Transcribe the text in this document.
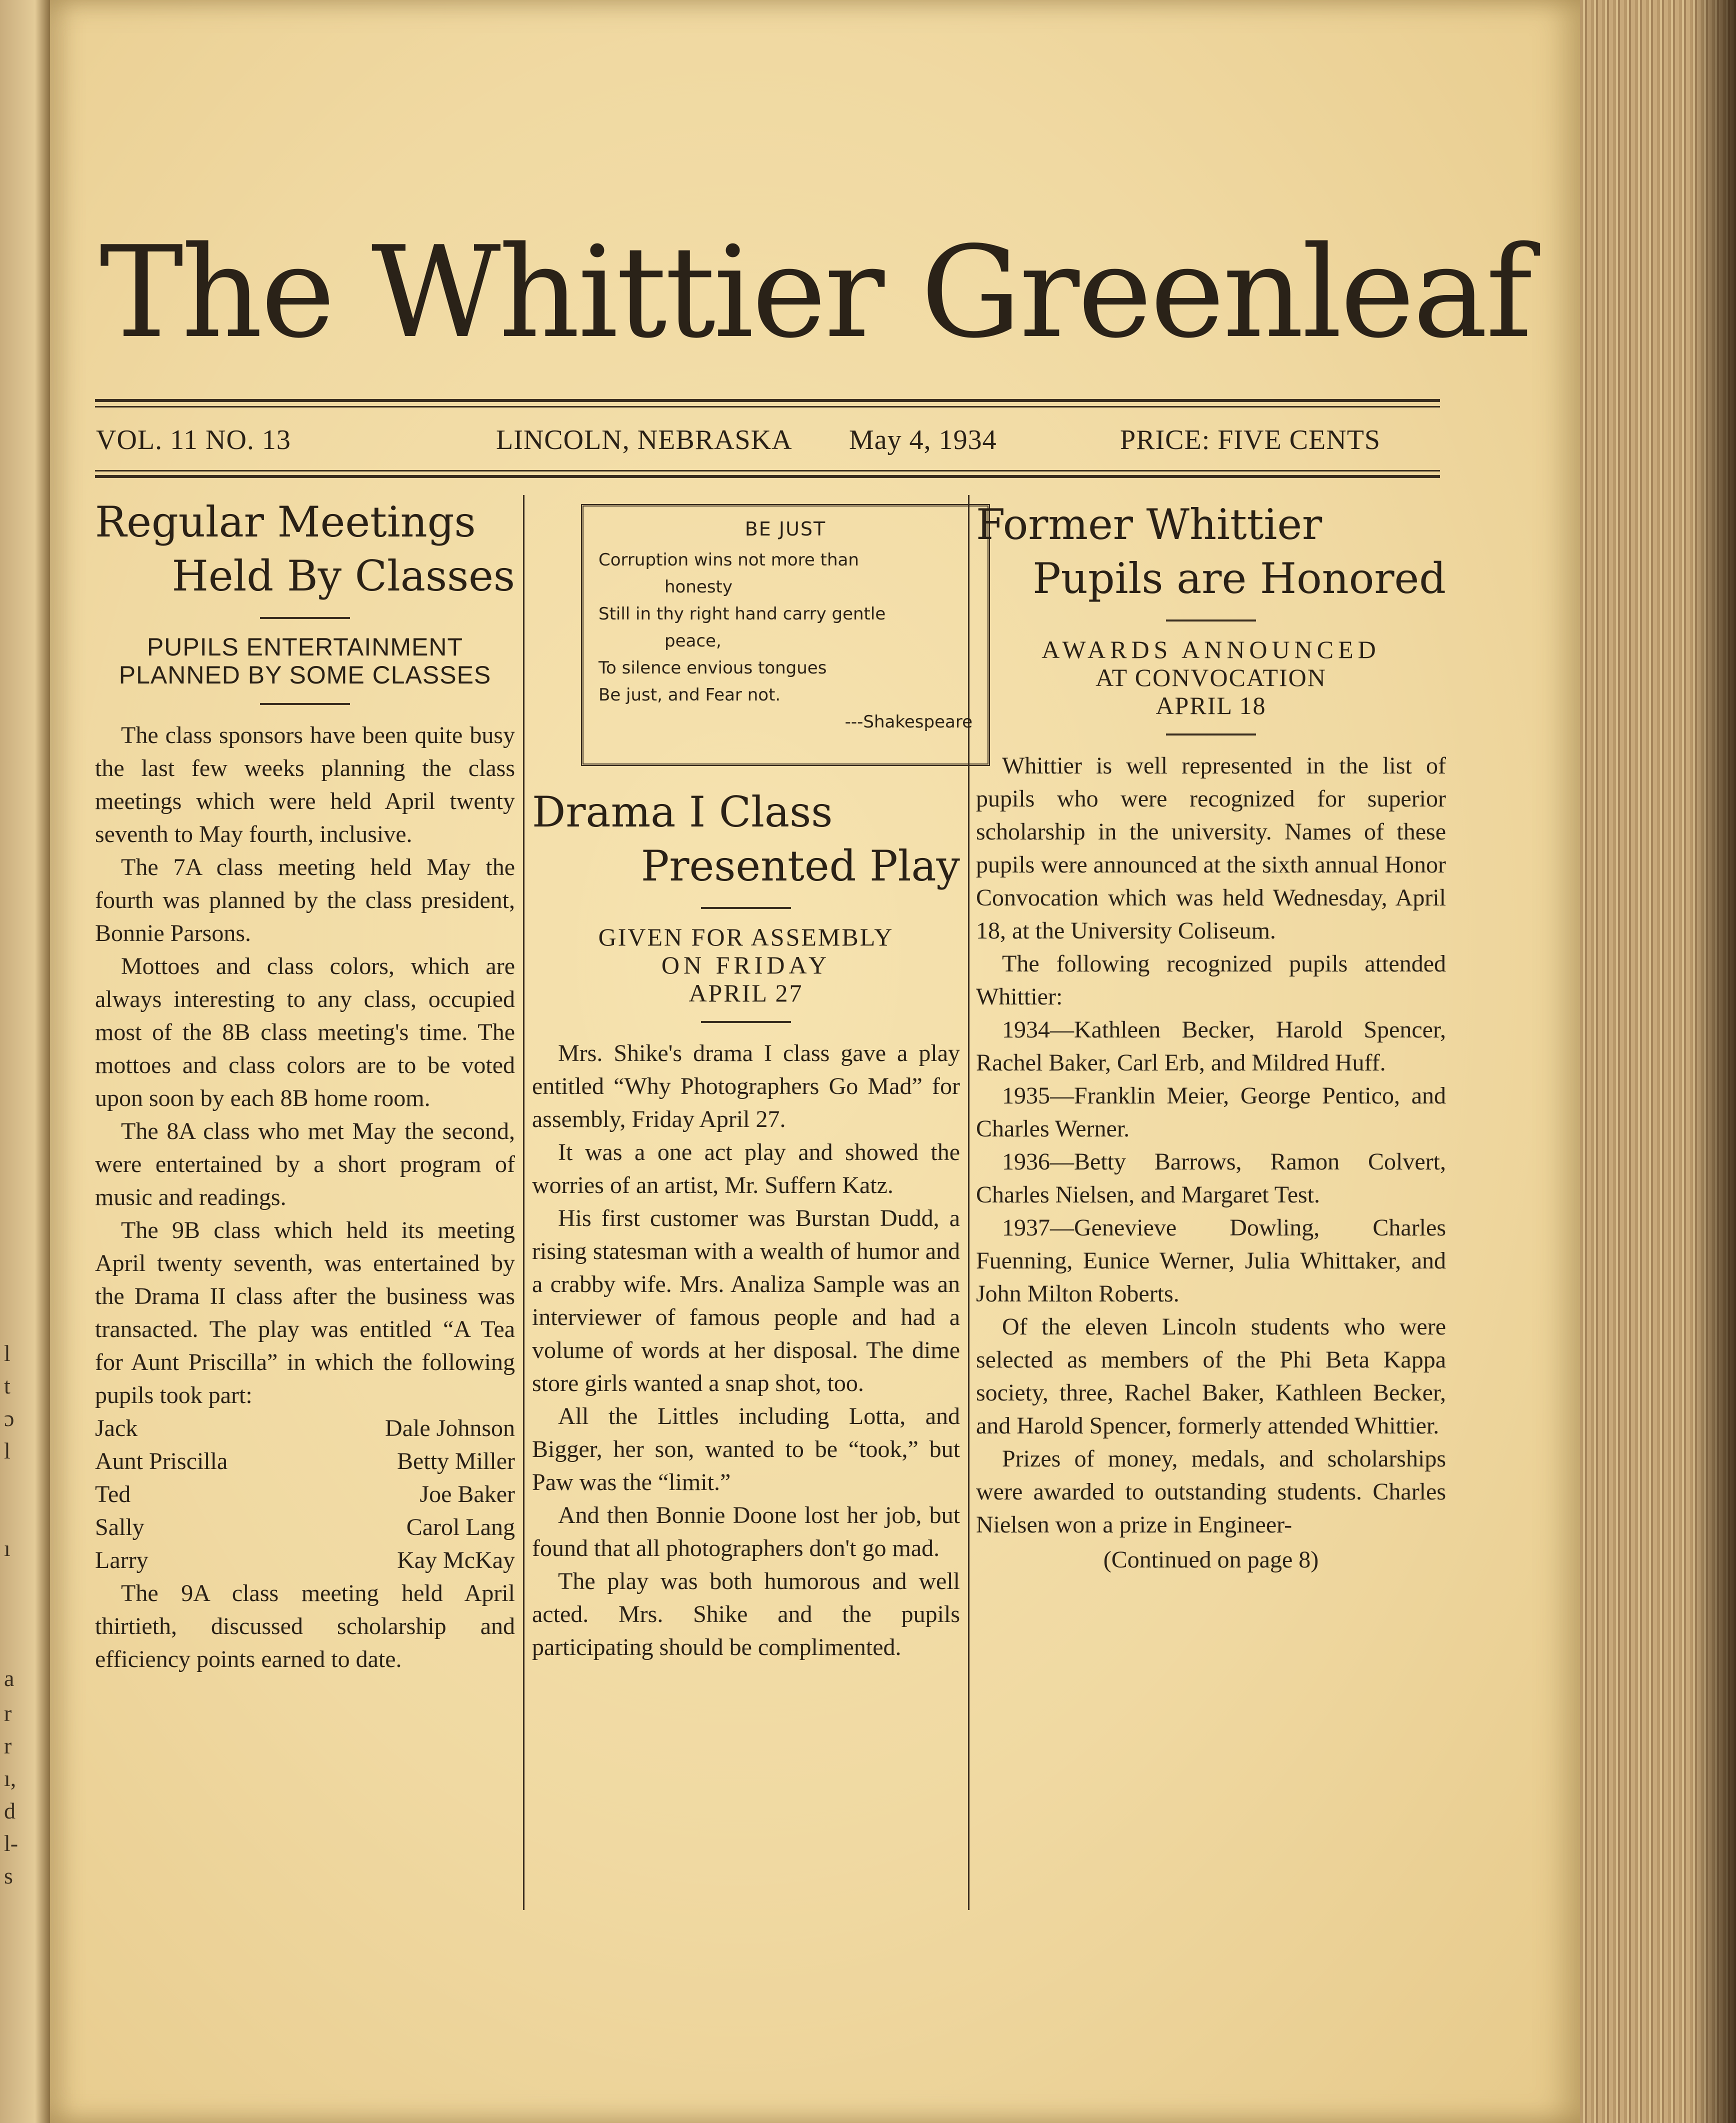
l
t
ɔ
l
ı
a
r
r
ı,
d
l-
s
The Whittier Greenleaf
VOL. 11 NO. 13	LINCOLN, NEBRASKA May 4, 1934	PRICE: FIVE CENTS
Regular Meetings
Held By Classes
PUPILS ENTERTAINMENT PLANNED BY SOME CLASSES

The class sponsors have been quite busy the last few weeks planning the class meetings which were held April twenty seventh to May fourth, inclusive.

The 7A class meeting held May the fourth was planned by the class president, Bonnie Parsons.

Mottoes and class colors, which are always interesting to any class, occupied most of the 8B class meeting's time. The mottoes and class colors are to be voted upon soon by each 8B home room.

The 8A class who met May the second, were entertained by a short program of music and readings.

The 9B class which held its meeting April twenty seventh, was entertained by the Drama II class after the business was transacted. The play was entitled “A Tea for Aunt Priscilla” in which the following pupils took part:

Jack	Dale Johnson
Aunt Priscilla	Betty Miller
Ted	Joe Baker
Sally	Carol Lang
Larry	Kay McKay

The 9A class meeting held April thirtieth, discussed scholarship and efficiency points earned to date.

BE JUST
Corruption wins not more than
honesty
Still in thy right hand carry gentle
peace,
To silence envious tongues
Be just, and Fear not.
---Shakespeare
Drama I Class
Presented Play
GIVEN FOR ASSEMBLY
ON FRIDAY
APRIL 27

Mrs. Shike's drama I class gave a play entitled “Why Photographers Go Mad” for assembly, Friday April 27.

It was a one act play and showed the worries of an artist, Mr. Suffern Katz.

His first customer was Burstan Dudd, a rising statesman with a wealth of humor and a crabby wife. Mrs. Analiza Sample was an interviewer of famous people and had a volume of words at her disposal. The dime store girls wanted a snap shot, too.

All the Littles including Lotta, and Bigger, her son, wanted to be “took,” but Paw was the “limit.”

And then Bonnie Doone lost her job, but found that all photographers don't go mad.

The play was both humorous and well acted. Mrs. Shike and the pupils participating should be complimented.

Former Whittier
Pupils are Honored
AWARDS ANNOUNCED
AT CONVOCATION
APRIL 18

Whittier is well represented in the list of pupils who were recognized for superior scholarship in the university. Names of these pupils were announced at the sixth annual Honor Convocation which was held Wednesday, April 18, at the University Coliseum.

The following recognized pupils attended Whittier:

1934—Kathleen Becker, Harold Spencer, Rachel Baker, Carl Erb, and Mildred Huff.

1935—Franklin Meier, George Pentico, and Charles Werner.

1936—Betty Barrows, Ramon Colvert, Charles Nielsen, and Margaret Test.

1937—Genevieve Dowling, Charles Fuenning, Eunice Werner, Julia Whittaker, and John Milton Roberts.

Of the eleven Lincoln students who were selected as members of the Phi Beta Kappa society, three, Rachel Baker, Kathleen Becker, and Harold Spencer, formerly attended Whittier.

Prizes of money, medals, and scholarships were awarded to outstanding students. Charles Nielsen won a prize in Engineer-

(Continued on page 8)
